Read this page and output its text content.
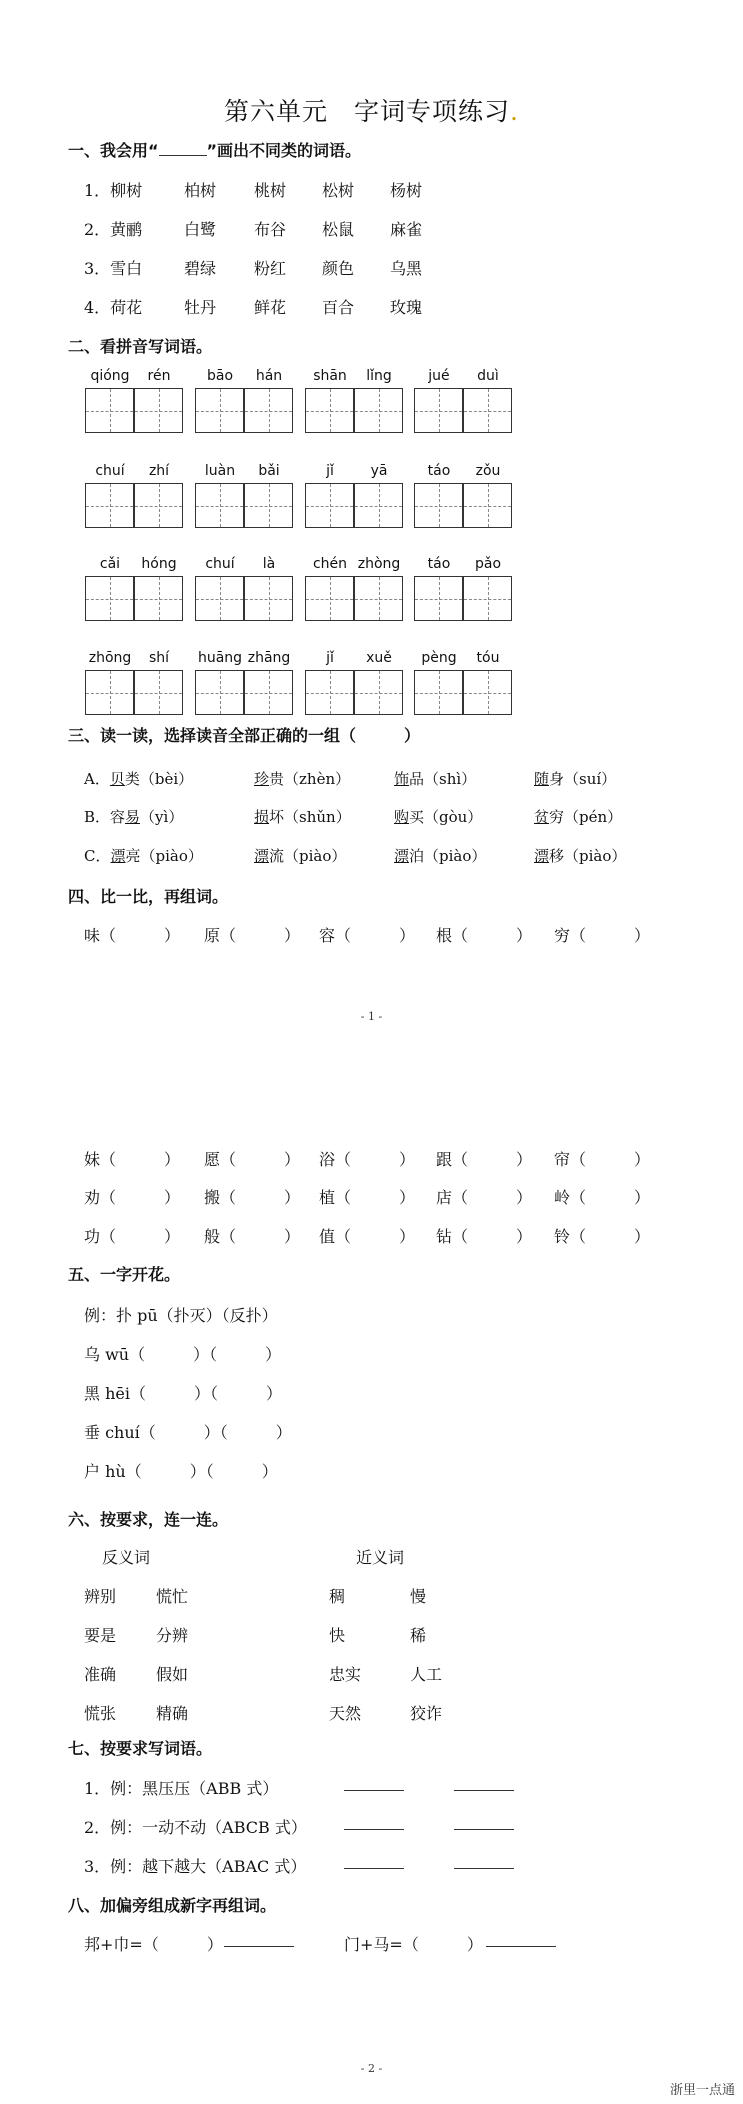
第六单元　字词专项练习.
一、我会用“	”画出不同类的词语。
1．柳树	柏树 桃树 松树 杨树
2．黄鹂	白鹭 布谷 松鼠 麻雀
3．雪白	碧绿 粉红 颜色 乌黑
4．荷花	牡丹 鲜花 百合 玫瑰
二、看拼音写词语。
qióng	rén	bāo	hán	shān	lǐng	jué	duì
chuí	zhí	luàn	bǎi	jǐ	yā	táo	zǒu
cǎi	hóng	chuí	là	chén zhòng	táo	pǎo
zhōng	shí	huāng zhāng	jǐ	xuě	pèng	tóu
三、读一读，选择读音全部正确的一组（　　　）
A．贝类（bèi）	珍贵（zhèn）	饰品（shì）	随身（suí）
B．容易（yì）	损坏（shǔn）	购买（gòu）	贫穷（pén）
C．漂亮（piào）	漂流（piào）	漂泊（piào）	漂移（piào）
四、比一比，再组词。
味（　　　） 原（　　　） 容（　　　） 根（　　　） 穷（　　　）
- 1 -
妹（　　　） 愿（　　　） 浴（　　　） 跟（　　　） 帘（　　　）
劝（　　　） 搬（　　　） 植（　　　） 店（　　　） 岭（　　　）
功（　　　） 般（　　　） 值（　　　） 钻（　　　） 铃（　　　）
五、一字开花。
例：扑 pū（扑灭）（反扑）
乌 wū（　　　）（　　　）
黑 hēi（　　　）（　　　）
垂 chuí（　　　）（　　　）
户 hù（　　　）（　　　）
六、按要求，连一连。
反义词	近义词
辨别 慌忙	稠	慢
要是 分辨	快	稀
准确 假如	忠实	人工
慌张 精确	天然	狡诈
七、按要求写词语。
1．例：黑压压（ABB 式）
2．例：一动不动（ABCB 式）
3．例：越下越大（ABAC 式）
八、加偏旁组成新字再组词。
邦+巾=（　　　）	门+马=（　　　）
- 2 -
浙里一点通
